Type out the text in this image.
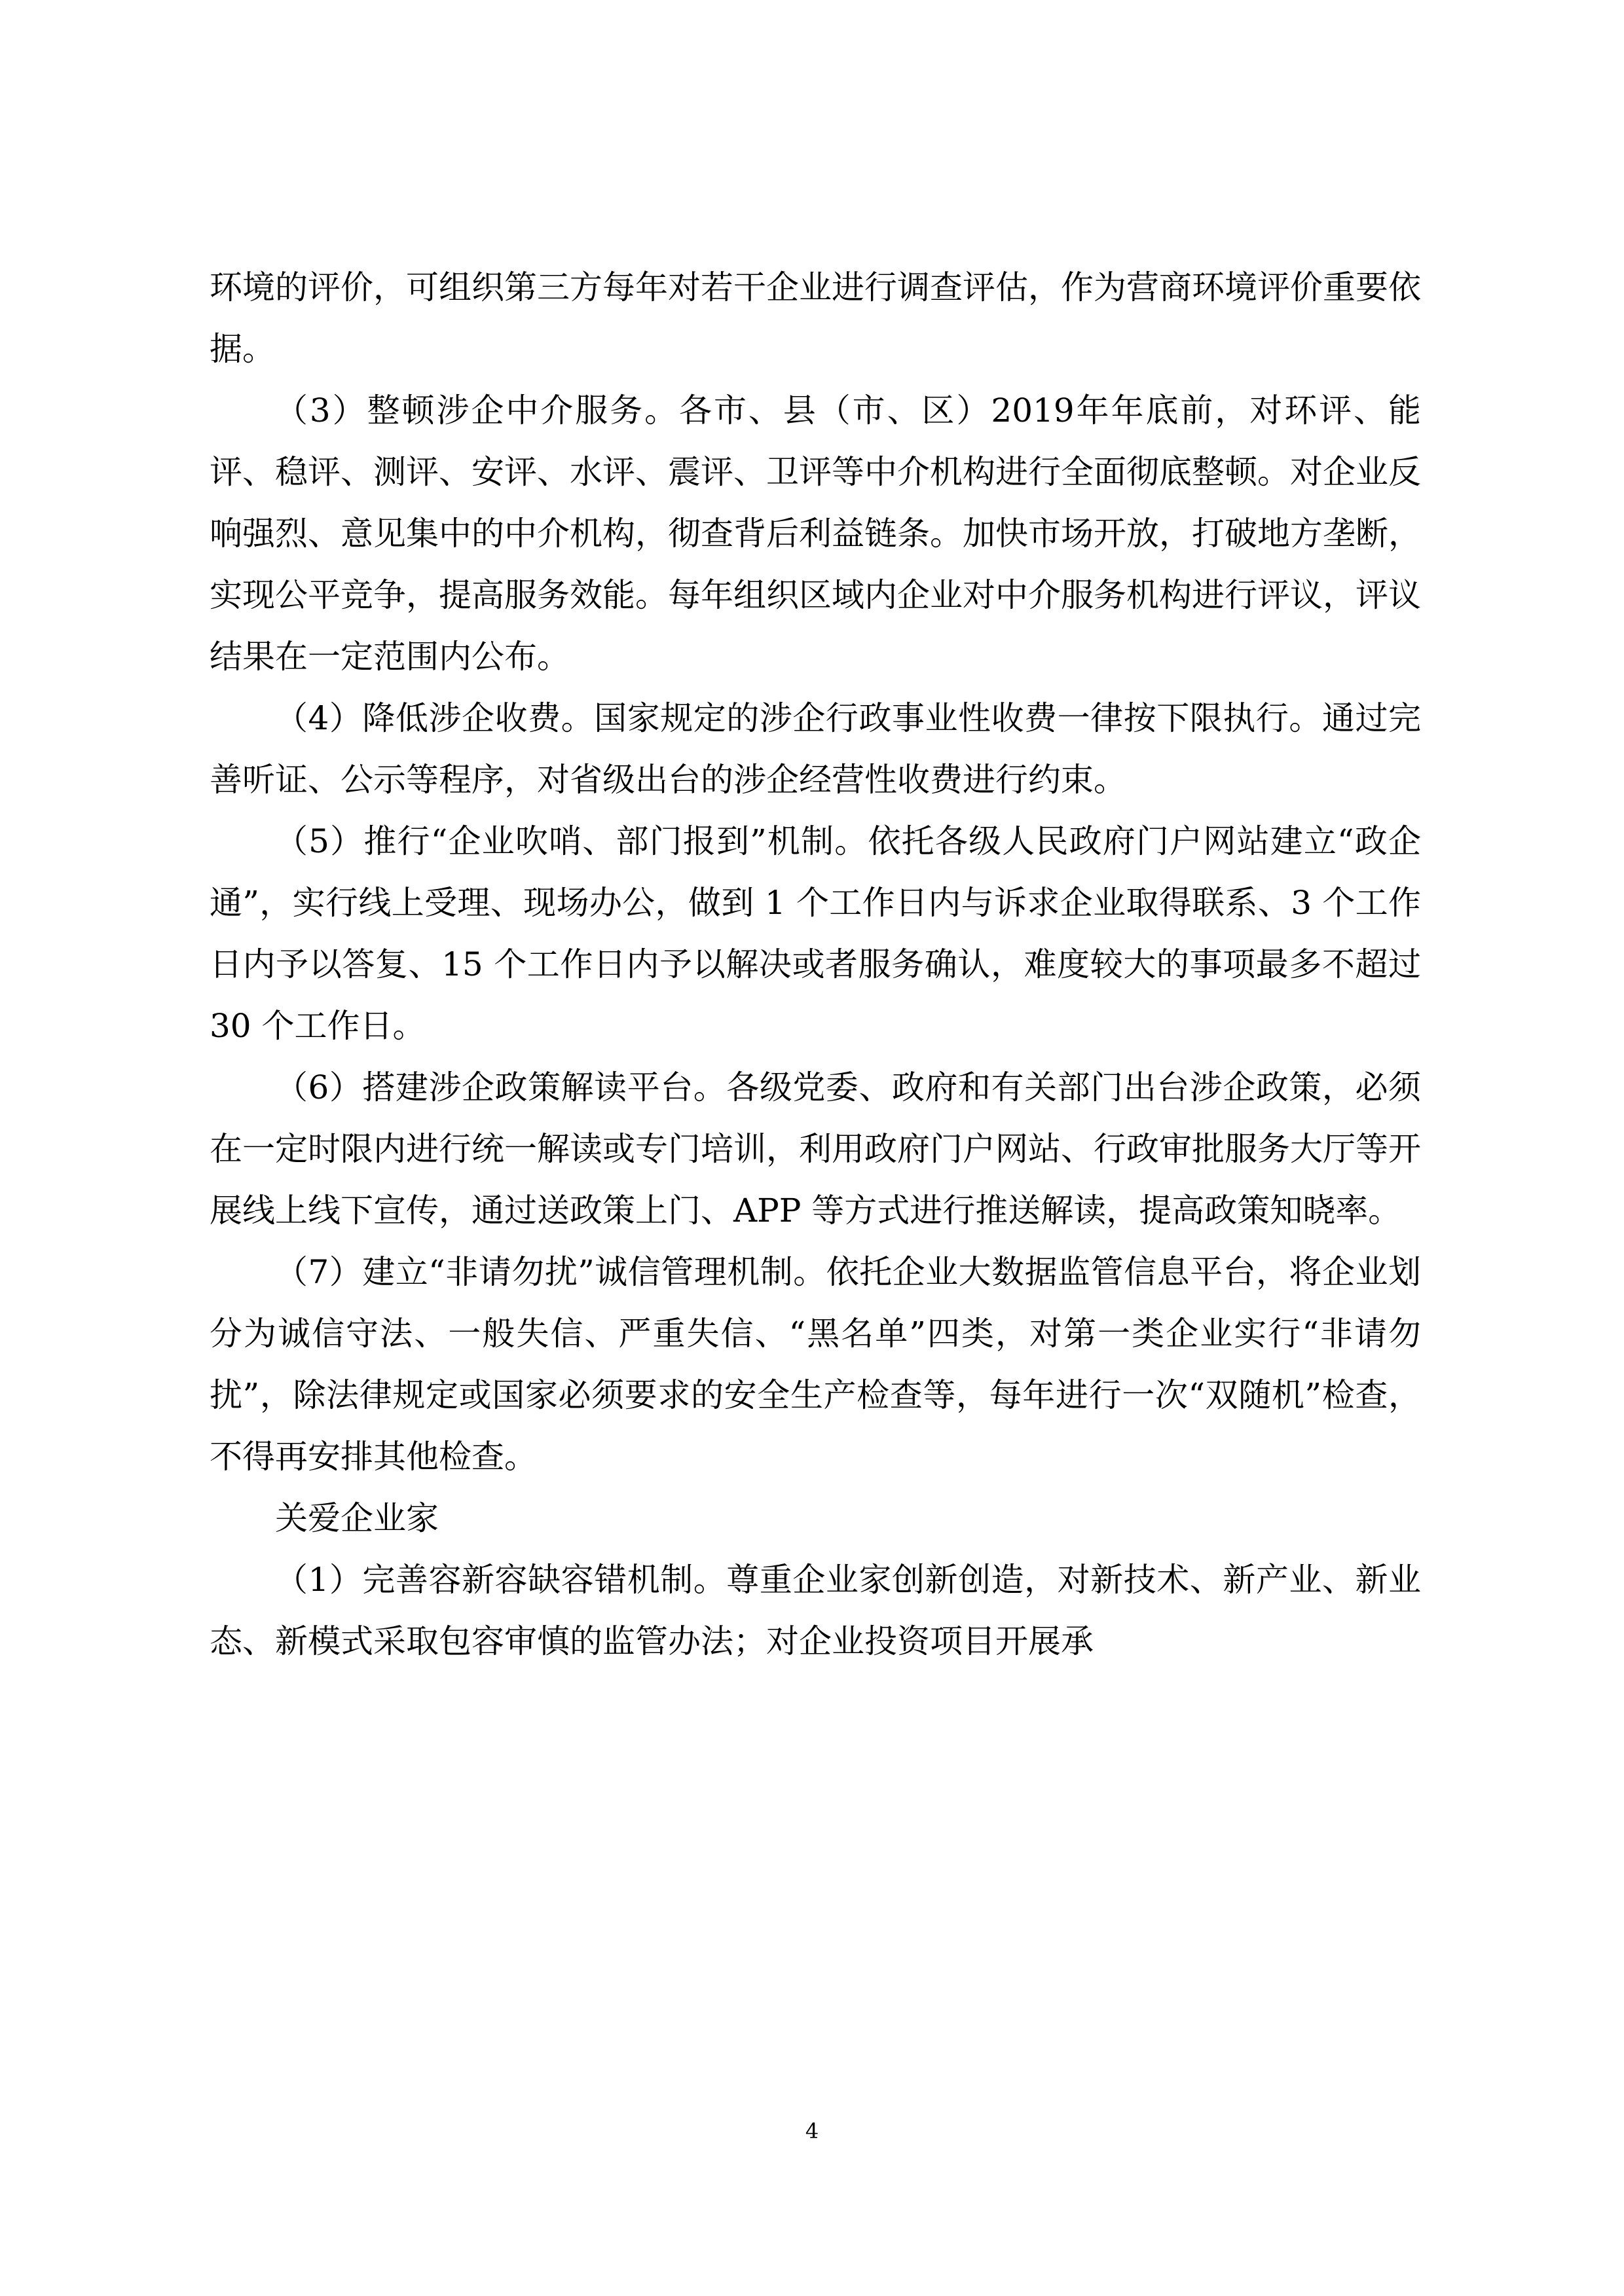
环境的评价，可组织第三方每年对若干企业进行调查评估，作为营商环境评价重要依据。

（3）整顿涉企中介服务。各市、县（市、区）2019年年底前，对环评、能评、稳评、测评、安评、水评、震评、卫评等中介机构进行全面彻底整顿。对企业反响强烈、意见集中的中介机构，彻查背后利益链条。加快市场开放，打破地方垄断，实现公平竞争，提高服务效能。每年组织区域内企业对中介服务机构进行评议，评议结果在一定范围内公布。

（4）降低涉企收费。国家规定的涉企行政事业性收费一律按下限执行。通过完善听证、公示等程序，对省级出台的涉企经营性收费进行约束。

（5）推行“企业吹哨、部门报到”机制。依托各级人民政府门户网站建立“政企通”，实行线上受理、现场办公，做到 1 个工作日内与诉求企业取得联系、3 个工作日内予以答复、15 个工作日内予以解决或者服务确认，难度较大的事项最多不超过 30 个工作日。

（6）搭建涉企政策解读平台。各级党委、政府和有关部门出台涉企政策，必须在一定时限内进行统一解读或专门培训，利用政府门户网站、行政审批服务大厅等开展线上线下宣传，通过送政策上门、APP 等方式进行推送解读，提高政策知晓率。

（7）建立“非请勿扰”诚信管理机制。依托企业大数据监管信息平台，将企业划分为诚信守法、一般失信、严重失信、“黑名单”四类，对第一类企业实行“非请勿扰”，除法律规定或国家必须要求的安全生产检查等，每年进行一次“双随机”检查，不得再安排其他检查。

关爱企业家

（1）完善容新容缺容错机制。尊重企业家创新创造，对新技术、新产业、新业态、新模式采取包容审慎的监管办法；对企业投资项目开展承

4
